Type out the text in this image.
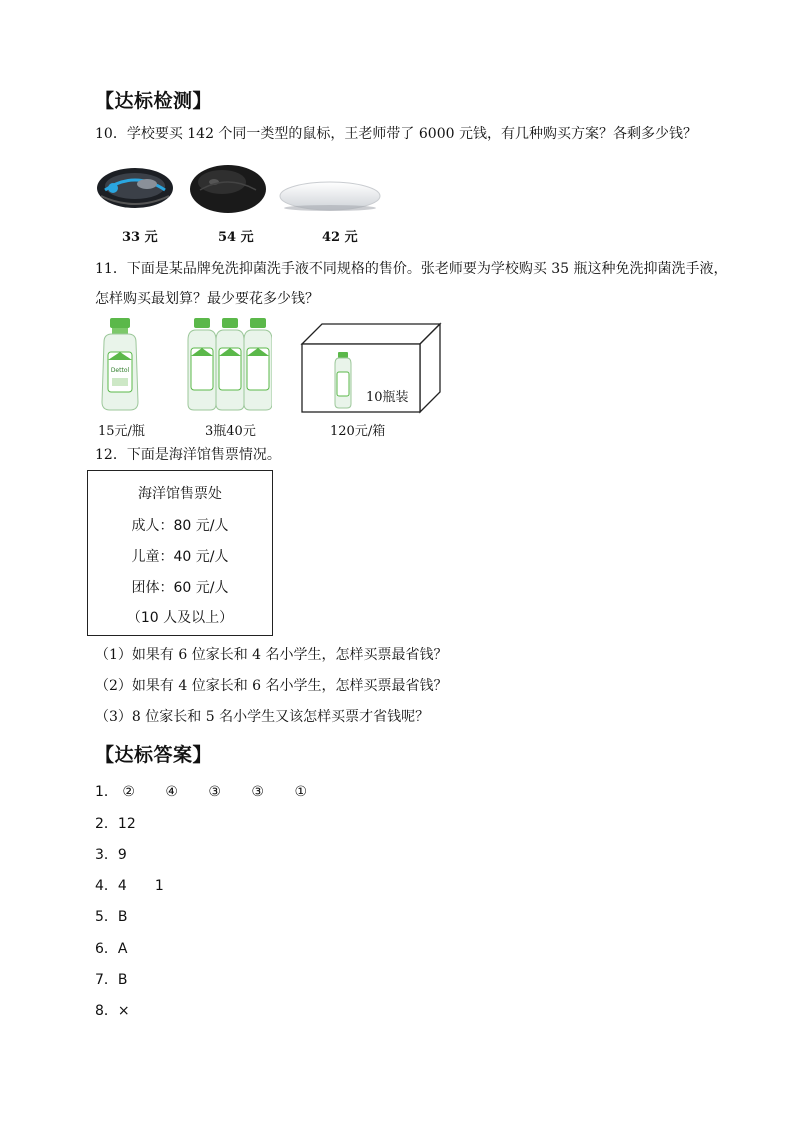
【达标检测】
10．学校要买 142 个同一类型的鼠标，王老师带了 6000 元钱，有几种购买方案？各剩多少钱？
33 元	54 元	42 元
11．下面是某品牌免洗抑菌洗手液不同规格的售价。张老师要为学校购买 35 瓶这种免洗抑菌洗手液，
怎样购买最划算？最少要花多少钱？
Dettol
15元/瓶	3瓶40元
10瓶装
120元/箱
12．下面是海洋馆售票情况。
海洋馆售票处
成人：80 元/人
儿童：40 元/人
团体：60 元/人
（10 人及以上）
（1）如果有 6 位家长和 4 名小学生，怎样买票最省钱？
（2）如果有 4 位家长和 6 名小学生，怎样买票最省钱？
（3）8 位家长和 5 名小学生又该怎样买票才省钱呢？
【达标答案】
1． ② ④ ③ ③ ①
2．12
3．9
4．4 1
5．B
6．A
7．B
8．×
